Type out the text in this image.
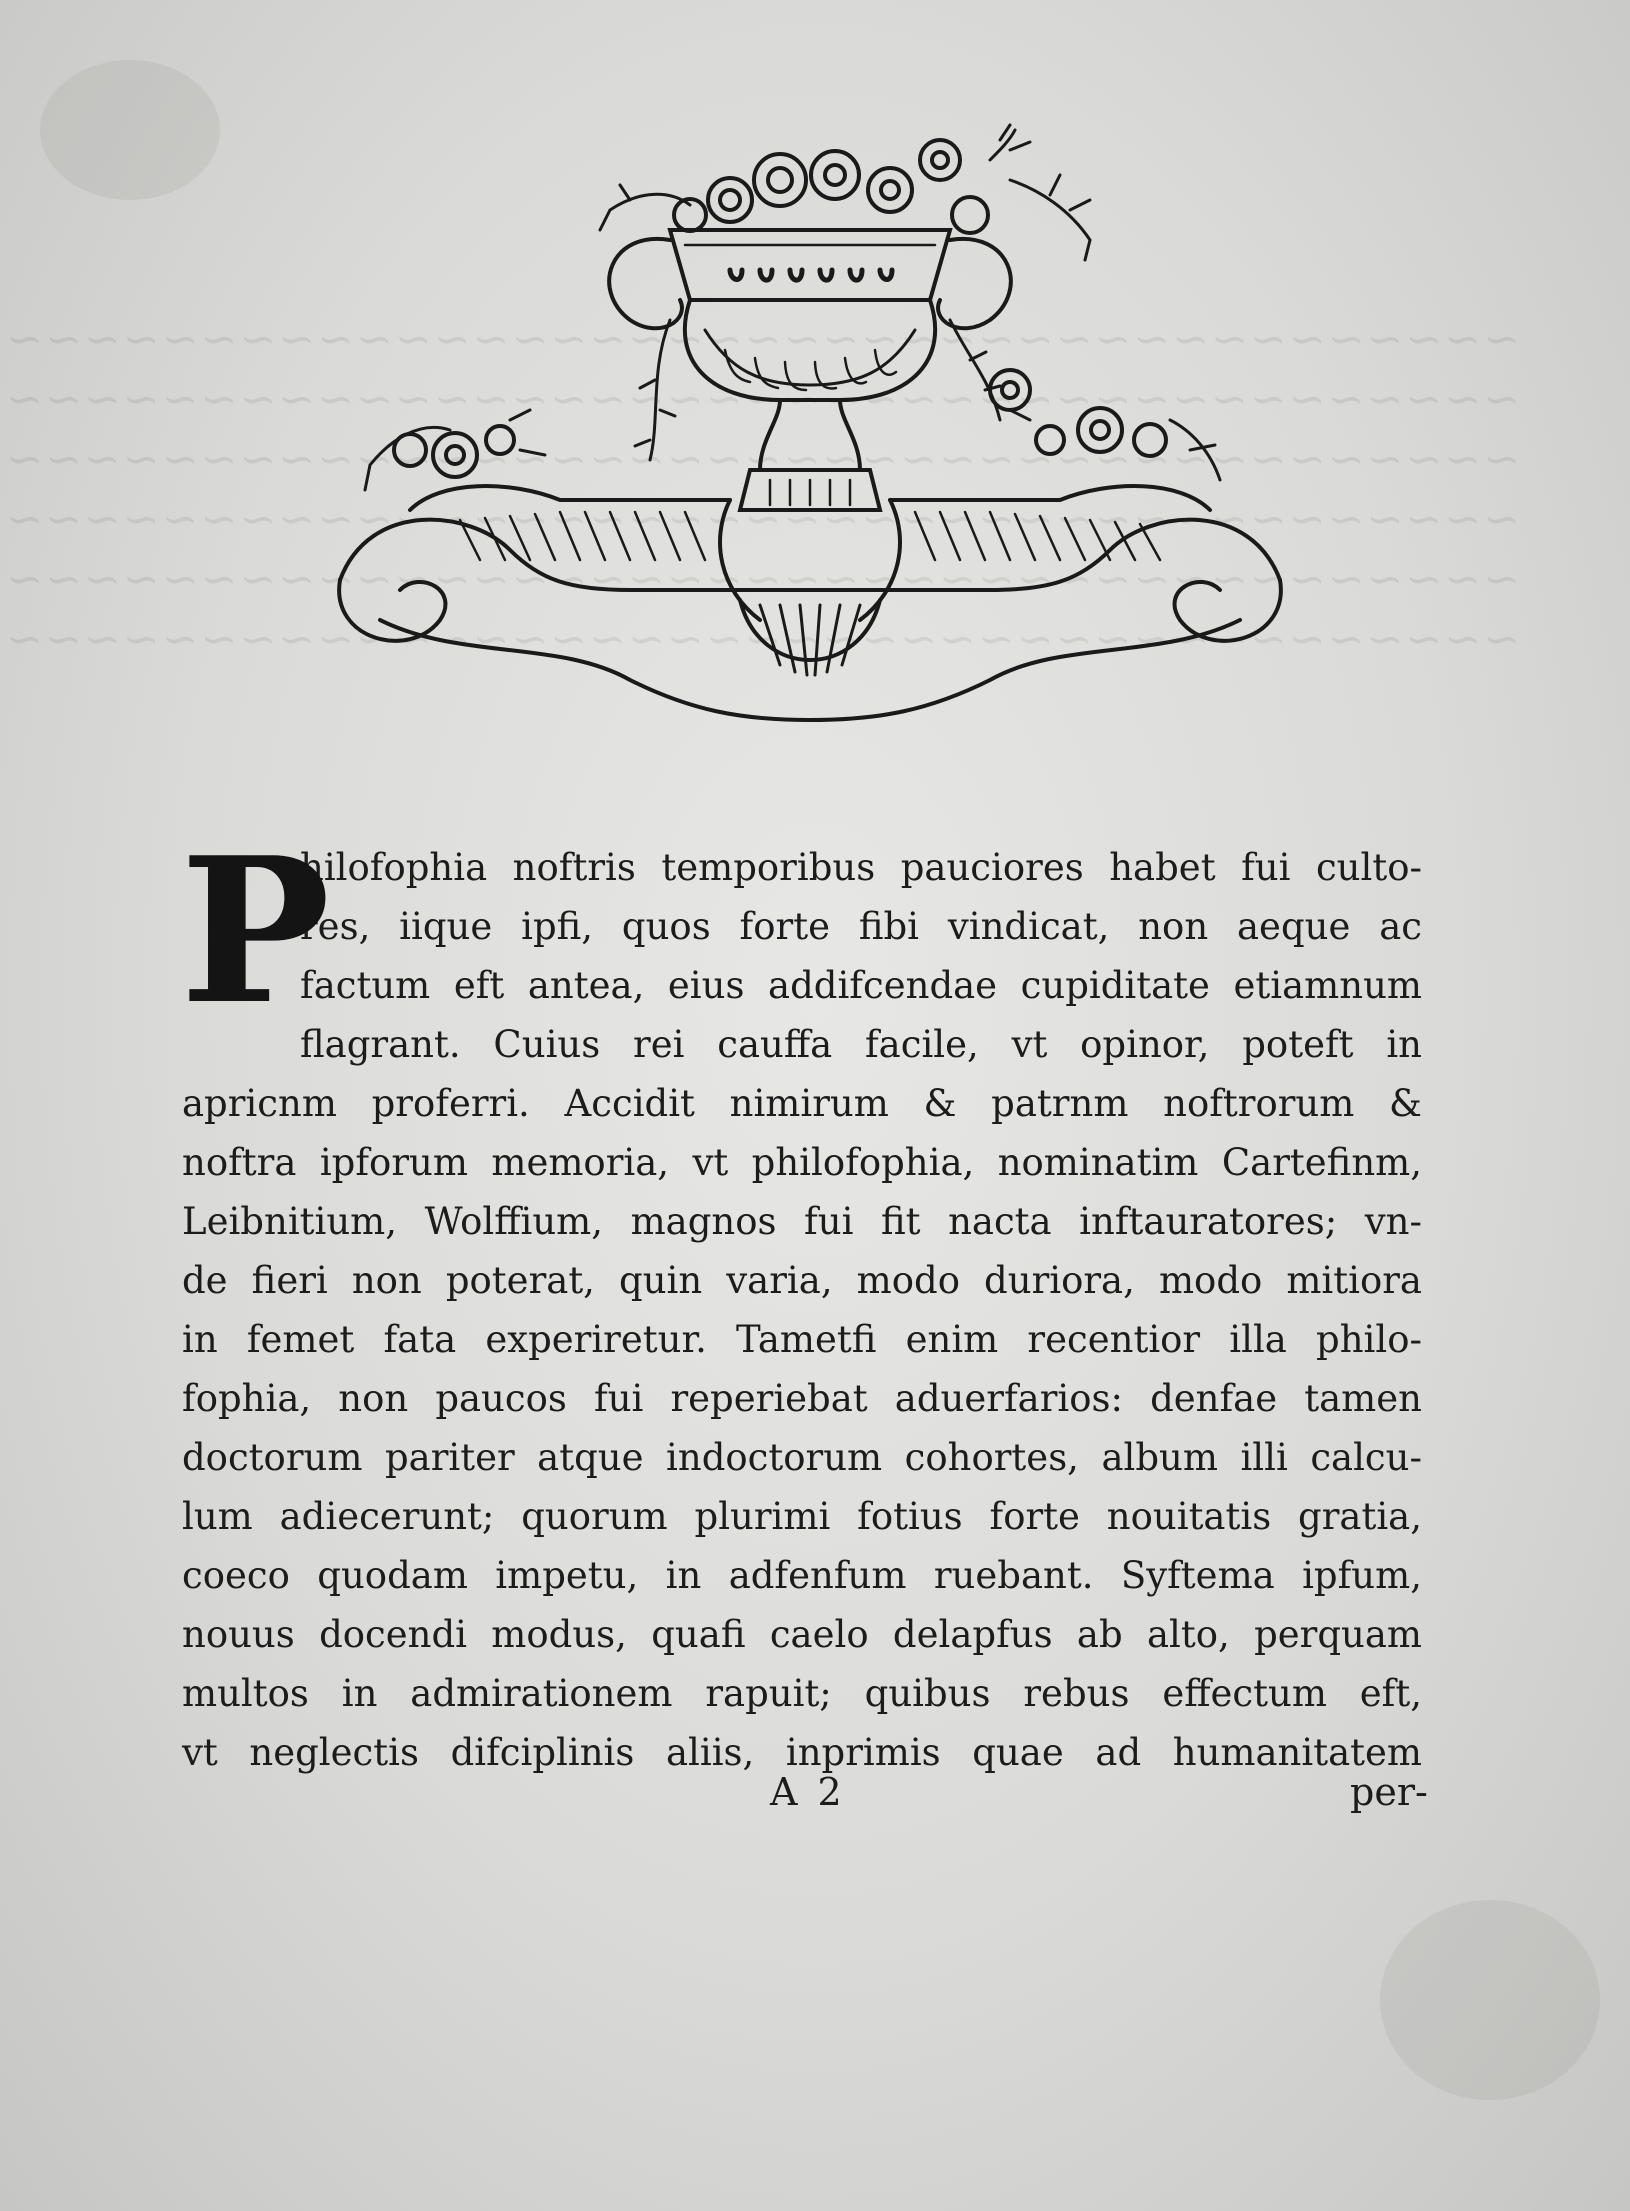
~~~~~~~~~~~~~~~~~~~~~~~~~~~~~~~~~~~~~~~
~~~~~~~~~~~~~~~~~~~~~~~~~~~~~~~~~~~~~~~
~~~~~~~~~~~~~~~~~~~~~~~~~~~~~~~~~~~~~~~
~~~~~~~~~~~~~~~~~~~~~~~~~~~~~~~~~~~~~~~
~~~~~~~~~~~~~~~~~~~~~~~~~~~~~~~~~~~~~~~
~~~~~~~~~~~~~~~~~~~~~~~~~~~~~~~~~~~~~~~

P
hilofophia noftris temporibus pauciores habet fui culto-
res, iique ipfi, quos forte fibi vindicat, non aeque ac
factum eft antea, eius addifcendae cupiditate etiamnum
flagrant. Cuius rei cauffa facile, vt opinor, poteft in
apricnm proferri. Accidit nimirum & patrnm noftrorum &
noftra ipforum memoria, vt philofophia, nominatim Cartefinm,
Leibnitium, Wolffium, magnos fui fit nacta inftauratores; vn-
de fieri non poterat, quin varia, modo duriora, modo mitiora
in femet fata experiretur. Tametfi enim recentior illa philo-
fophia, non paucos fui reperiebat aduerfarios: denfae tamen
doctorum pariter atque indoctorum cohortes, album illi calcu-
lum adiecerunt; quorum plurimi fotius forte nouitatis gratia,
coeco quodam impetu, in adfenfum ruebant. Syftema ipfum,
nouus docendi modus, quafi caelo delapfus ab alto, perquam
multos in admirationem rapuit; quibus rebus effectum eft,
vt neglectis difciplinis aliis, inprimis quae ad humanitatem
A 2	per-
